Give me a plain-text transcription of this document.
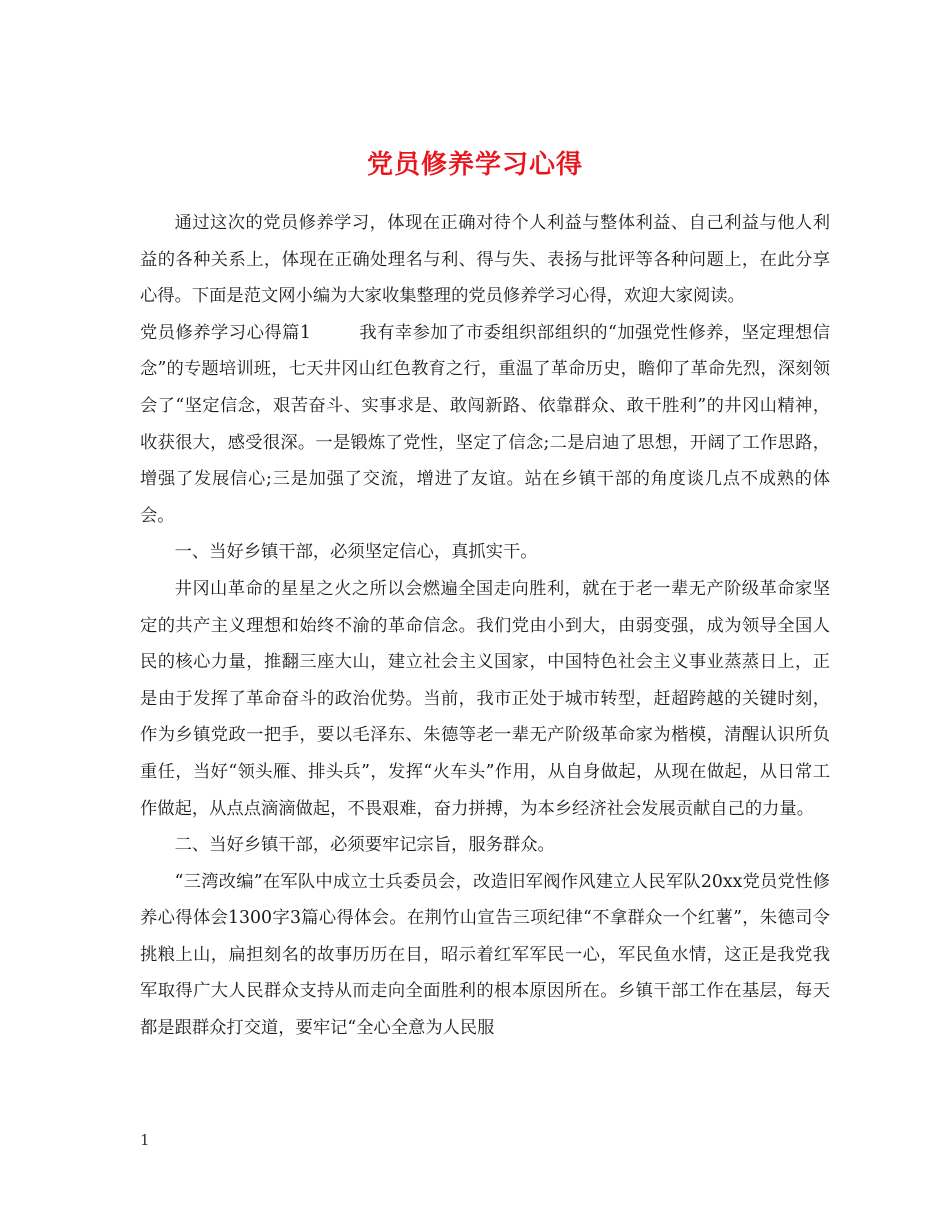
党员修养学习心得

通过这次的党员修养学习，体现在正确对待个人利益与整体利益、自己利益与他人利益的各种关系上，体现在正确处理名与利、得与失、表扬与批评等各种问题上，在此分享心得。下面是范文网小编为大家收集整理的党员修养学习心得，欢迎大家阅读。

党员修养学习心得篇1	我有幸参加了市委组织部组织的“加强党性修养，坚定理想信念”的专题培训班，七天井冈山红色教育之行，重温了革命历史，瞻仰了革命先烈，深刻领会了“坚定信念，艰苦奋斗、实事求是、敢闯新路、依靠群众、敢干胜利”的井冈山精神，收获很大，感受很深。一是锻炼了党性，坚定了信念;二是启迪了思想，开阔了工作思路，增强了发展信心;三是加强了交流，增进了友谊。站在乡镇干部的角度谈几点不成熟的体会。

一、当好乡镇干部，必须坚定信心，真抓实干。

井冈山革命的星星之火之所以会燃遍全国走向胜利，就在于老一辈无产阶级革命家坚定的共产主义理想和始终不渝的革命信念。我们党由小到大，由弱变强，成为领导全国人民的核心力量，推翻三座大山，建立社会主义国家，中国特色社会主义事业蒸蒸日上，正是由于发挥了革命奋斗的政治优势。当前，我市正处于城市转型，赶超跨越的关键时刻，作为乡镇党政一把手，要以毛泽东、朱德等老一辈无产阶级革命家为楷模，清醒认识所负重任，当好“领头雁、排头兵”，发挥“火车头”作用，从自身做起，从现在做起，从日常工作做起，从点点滴滴做起，不畏艰难，奋力拼搏，为本乡经济社会发展贡献自己的力量。

二、当好乡镇干部，必须要牢记宗旨，服务群众。

“三湾改编”在军队中成立士兵委员会，改造旧军阀作风建立人民军队20xx党员党性修养心得体会1300字3篇心得体会。在荆竹山宣告三项纪律“不拿群众一个红薯”，朱德司令挑粮上山，扁担刻名的故事历历在目，昭示着红军军民一心，军民鱼水情，这正是我党我军取得广大人民群众支持从而走向全面胜利的根本原因所在。乡镇干部工作在基层，每天都是跟群众打交道，要牢记“全心全意为人民服

1
